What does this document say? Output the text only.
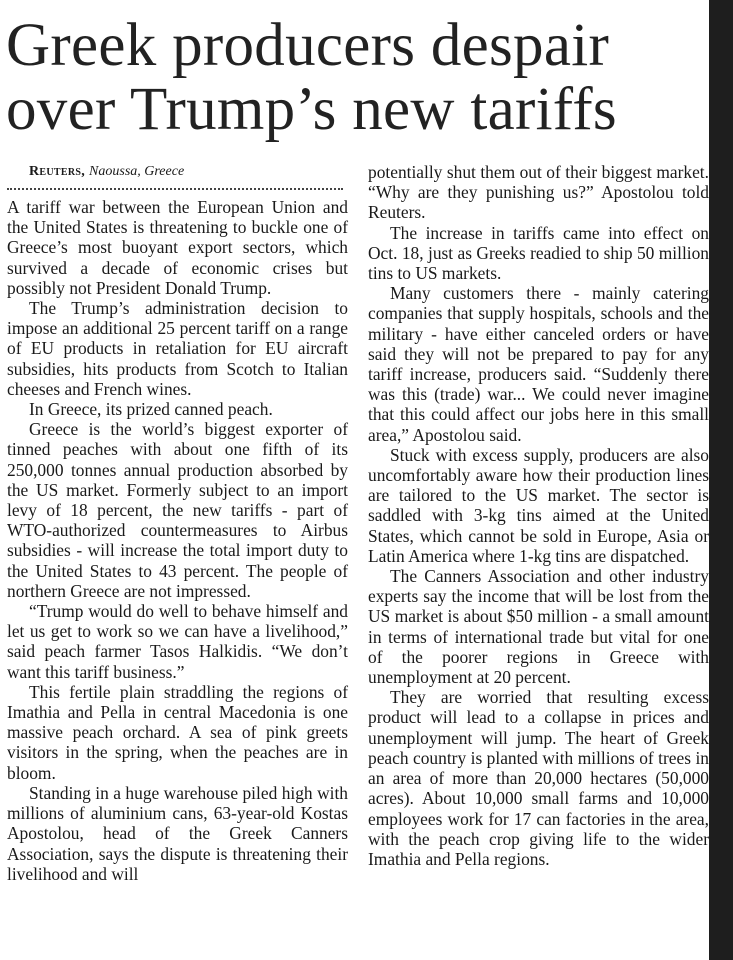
Greek producers despair over Trump’s new tariffs

Reuters, Naoussa, Greece

A tariff war between the European Union and the United States is threatening to buckle one of Greece’s most buoyant export sectors, which survived a decade of economic crises but possibly not President Donald Trump.

The Trump’s administration decision to impose an additional 25 percent tariff on a range of EU products in retaliation for EU aircraft subsidies, hits products from Scotch to Italian cheeses and French wines.

In Greece, its prized canned peach.

Greece is the world’s biggest exporter of tinned peaches with about one fifth of its 250,000 tonnes annual production absorbed by the US market. Formerly subject to an import levy of 18 percent, the new tariffs - part of WTO-authorized countermeasures to Airbus subsidies - will increase the total import duty to the United States to 43 percent. The people of northern Greece are not impressed.

“Trump would do well to behave himself and let us get to work so we can have a livelihood,” said peach farmer Tasos Halkidis. “We don’t want this tariff business.”

This fertile plain straddling the regions of Imathia and Pella in central Macedonia is one massive peach orchard. A sea of pink greets visitors in the spring, when the peaches are in bloom.

Standing in a huge warehouse piled high with millions of aluminium cans, 63-year-old Kostas Apostolou, head of the Greek Canners Association, says the dispute is threatening their livelihood and will

potentially shut them out of their biggest market. “Why are they punishing us?” Apostolou told Reuters.

The increase in tariffs came into effect on Oct. 18, just as Greeks readied to ship 50 million tins to US markets.

Many customers there - mainly catering companies that supply hospitals, schools and the military - have either canceled orders or have said they will not be prepared to pay for any tariff increase, producers said. “Suddenly there was this (trade) war... We could never imagine that this could affect our jobs here in this small area,” Apostolou said.

Stuck with excess supply, producers are also uncomfortably aware how their production lines are tailored to the US market. The sector is saddled with 3-kg tins aimed at the United States, which cannot be sold in Europe, Asia or Latin America where 1-kg tins are dispatched.

The Canners Association and other industry experts say the income that will be lost from the US market is about $50 million - a small amount in terms of international trade but vital for one of the poorer regions in Greece with unemployment at 20 percent.

They are worried that resulting excess product will lead to a collapse in prices and unemployment will jump. The heart of Greek peach country is planted with millions of trees in an area of more than 20,000 hectares (50,000 acres). About 10,000 small farms and 10,000 employees work for 17 can factories in the area, with the peach crop giving life to the wider Imathia and Pella regions.
